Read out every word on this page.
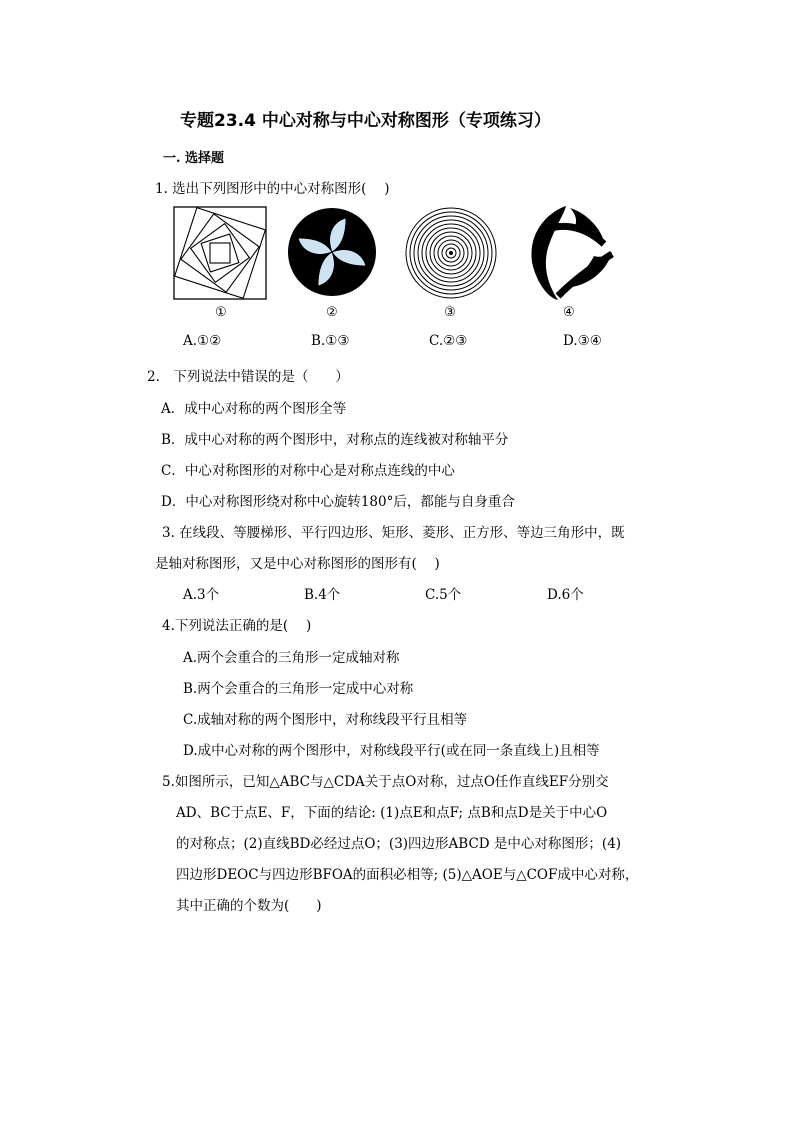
专题23.4 中心对称与中心对称图形（专项练习）
一. 选择题
1. 选出下列图形中的中心对称图形(　 )
①	②	③	④
A.①②	B.①③	C.②③	D.③④
2.　下列说法中错误的是（　　）
A．成中心对称的两个图形全等
B．成中心对称的两个图形中，对称点的连线被对称轴平分
C．中心对称图形的对称中心是对称点连线的中心
D．中心对称图形绕对称中心旋转180°后，都能与自身重合
3. 在线段、等腰梯形、平行四边形、矩形、菱形、正方形、等边三角形中，既
是轴对称图形，又是中心对称图形的图形有(　 )
A.3个	B.4个	C.5个	D.6个
4.下列说法正确的是(　 )
A.两个会重合的三角形一定成轴对称
B.两个会重合的三角形一定成中心对称
C.成轴对称的两个图形中，对称线段平行且相等
D.成中心对称的两个图形中，对称线段平行(或在同一条直线上)且相等
5.如图所示，已知△ABC与△CDA关于点O对称，过点O任作直线EF分别交
AD、BC于点E、F，下面的结论: (1)点E和点F; 点B和点D是关于中心O
的对称点；(2)直线BD必经过点O；(3)四边形ABCD 是中心对称图形；(4)
四边形DEOC与四边形BFOA的面积必相等; (5)△AOE与△COF成中心对称，
其中正确的个数为(　　)
